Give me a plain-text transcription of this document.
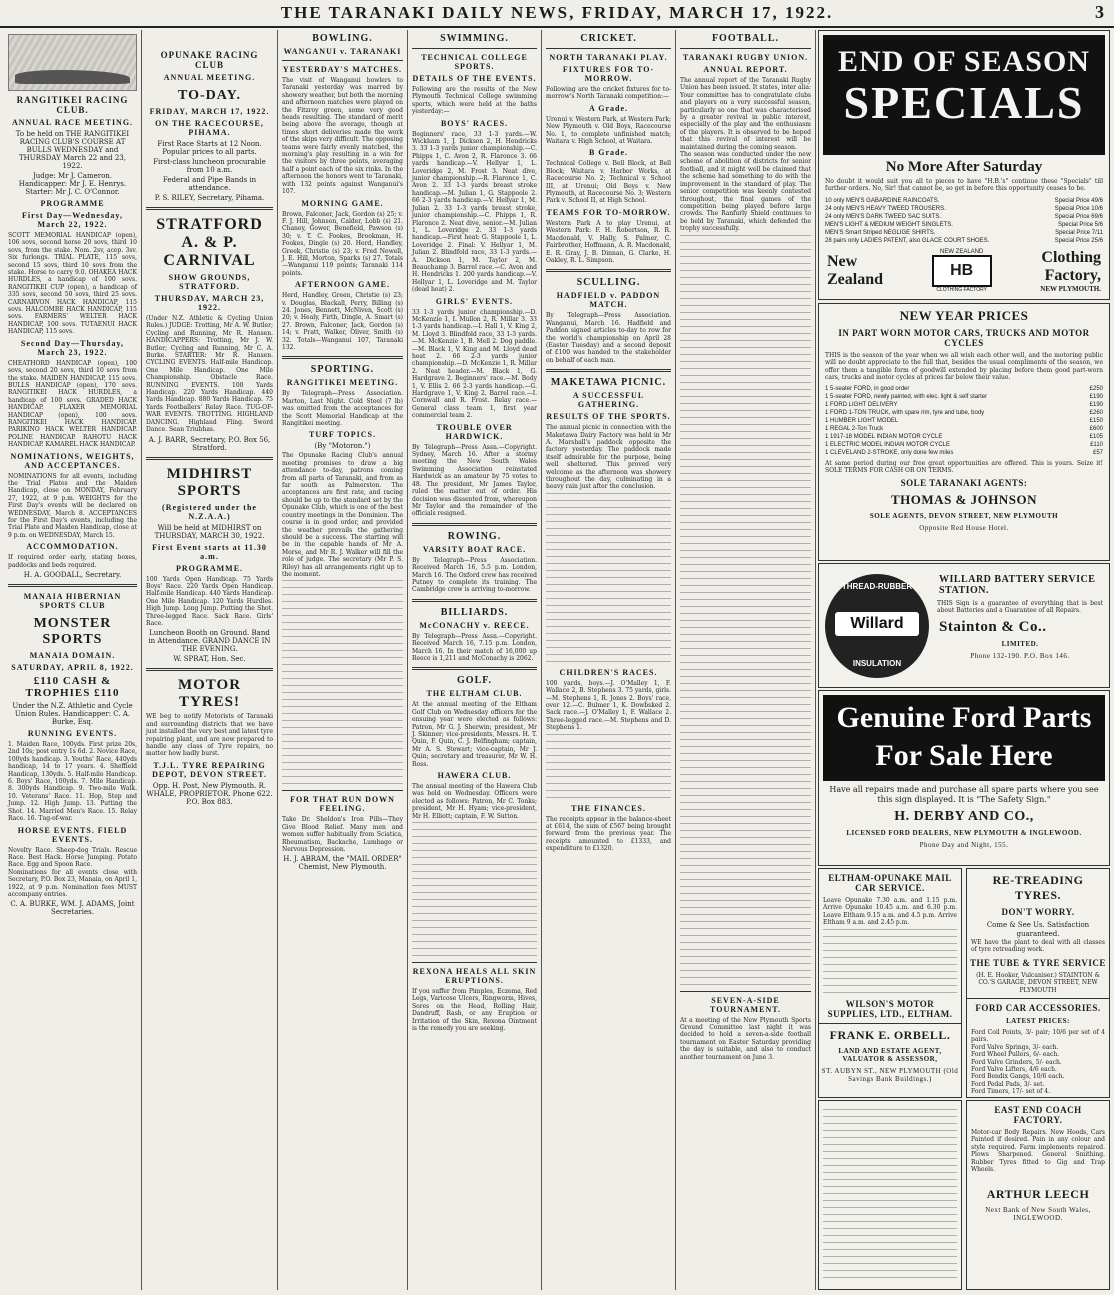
THE TARANAKI DAILY NEWS, FRIDAY, MARCH 17, 1922.	3
RANGITIKEI RACING CLUB.
ANNUAL RACE MEETING.

To be held on THE RANGITIKEI RACING CLUB'S COURSE AT BULLS WEDNESDAY and THURSDAY March 22 and 23, 1922.

Judge: Mr J. Cameron. Handicapper: Mr J. E. Henrys. Starter: Mr J. C. O'Connor.

PROGRAMME
First Day—Wednesday, March 22, 1922.

SCOTT MEMORIAL HANDICAP (open), 106 sovs, second horse 20 sovs, third 10 sovs, from the stake. Nom. 2sv, acep. 3sv. Six furlongs. TRIAL PLATE, 115 sovs, second 15 sovs, third 10 sovs from the stake. Horse to carry 9.0. OHAKEA HACK HURDLES, a handicap of 100 sovs. RANGITIKEI CUP (open), a handicap of 335 sovs, second 50 sovs, third 25 sovs. CARNARVON HACK HANDICAP, 115 sovs. HALCOMBE HACK HANDICAP, 115 sovs. FARMERS' WELTER HACK HANDICAP, 100 sovs. TUTAENUI HACK HANDICAP, 115 sovs.

Second Day—Thursday, March 23, 1922.

CHEATHORD HANDICAP (open), 100 sovs, second 20 sovs, third 10 sovs from the stake. MAIDEN HANDICAP, 115 sovs. BULLS HANDICAP (open), 170 sovs. RANGITIKEI HACK HURDLES, a handicap of 100 sovs. GRADED HACK HANDICAP. FLAXER MEMORIAL HANDICAP (open), 100 sovs. RANGITIKEI HACK HANDICAP. PARIKINO HACK WELTER HANDICAP. POLINE HANDICAP. RAHOTU HACK HANDICAP. KAMAREL HACK HANDICAP.

NOMINATIONS, WEIGHTS, AND ACCEPTANCES.

NOMINATIONS for all events, including the Trial Plates and the Maiden Handicap, close on MONDAY, February 27, 1922, at 9 p.m. WEIGHTS for the First Day's events will be declared on WEDNESDAY, March 8. ACCEPTANCES for the First Day's events, including the Trial Plate and Maiden Handicap, close at 9 p.m. on WEDNESDAY, March 15.

ACCOMMODATION.

If required order early, stating boxes, paddocks and beds required.

H. A. GOODALL, Secretary.

MANAIA HIBERNIAN SPORTS CLUB
MONSTER SPORTS
MANAIA DOMAIN.
SATURDAY, APRIL 8, 1922.
£110 CASH & TROPHIES £110

Under the N.Z. Athletic and Cycle Union Rules. Handicapper: C. A. Burke, Esq.

RUNNING EVENTS.

1. Maiden Race, 100yds. First prize 20s, 2nd 10s; post entry 1s 6d. 2. Novice Race, 100yds handicap. 3. Youths' Race, 440yds handicap, 14 to 17 years. 4. Sheffield Handicap, 130yds. 5. Half-mile Handicap. 6. Boys' Race, 100yds. 7. Mile Handicap. 8. 300yds Handicap. 9. Two-mile Walk. 10. Veterans' Race. 11. Hop, Step and Jump. 12. High Jump. 13. Putting the Shot. 14. Married Men's Race. 15. Relay Race. 16. Tug-of-war.

HORSE EVENTS. FIELD EVENTS.

Novelty Race. Sheep-dog Trials. Rescue Race. Best Hack. Horse Jumping. Potato Race. Egg and Spoon Race.

Nominations for all events close with Secretary, P.O. Box 23, Manaia, on April 1, 1922, at 9 p.m. Nomination fees MUST accompany entries.

C. A. BURKE, WM. J. ADAMS, Joint Secretaries.

OPUNAKE RACING CLUB
ANNUAL MEETING.
TO-DAY.
FRIDAY, MARCH 17, 1922.
ON THE RACECOURSE, PIHAMA.

First Race Starts at 12 Noon. Popular prices to all parts.

First-class luncheon procurable from 10 a.m.

Federal and Pipe Bands in attendance.

P. S. RILEY, Secretary, Pihama.

STRATFORD A. & P. CARNIVAL
SHOW GROUNDS, STRATFORD.
THURSDAY, MARCH 23, 1922.

(Under N.Z. Athletic & Cycling Union Rules.) JUDGE: Trotting, Mr A. W. Butler; Cycling and Running, Mr R. Hansen. HANDICAPPERS: Trotting, Mr J. W. Butler; Cycling and Running, Mr C. A. Burke. STARTER: Mr R. Hansen. CYCLING EVENTS. Half-mile Handicap. One Mile Handicap. One Mile Championship. Obstacle Race. RUNNING EVENTS. 100 Yards Handicap. 220 Yards Handicap. 440 Yards Handicap. 880 Yards Handicap. 75 Yards Footballers' Relay Race. TUG-OF-WAR EVENTS. TROTTING. HIGHLAND DANCING. Highland Fling. Sword Dance. Sean Triubhas.

A. J. BARR, Secretary, P.O. Box 56, Stratford.

MIDHIRST SPORTS
(Registered under the N.Z.A.A.)

Will be held at MIDHIRST on THURSDAY, MARCH 30, 1922.

First Event starts at 11.30 a.m.
PROGRAMME.

100 Yards Open Handicap. 75 Yards Boys' Race. 220 Yards Open Handicap. Half-mile Handicap. 440 Yards Handicap. One Mile Handicap. 120 Yards Hurdles. High Jump. Long Jump. Putting the Shot. Three-legged Race. Sack Race. Girls' Race.

Luncheon Booth on Ground. Band in Attendance. GRAND DANCE IN THE EVENING.

W. SPRAT, Hon. Sec.

MOTOR TYRES!

WE beg to notify Motorists of Taranaki and surrounding districts that we have just installed the very best and latest tyre repairing plant, and are now prepared to handle any class of Tyre repairs, no matter how badly burst.

T.J.L. TYRE REPAIRING DEPOT, DEVON STREET.

Opp. H. Post, New Plymouth. R. WHALE, PROPRIETOR. Phone 622. P.O. Box 883.

BOWLING.
WANGANUI v. TARANAKI
YESTERDAY'S MATCHES.

The visit of Wanganui bowlers to Taranaki yesterday was marred by showery weather, but both the morning and afternoon matches were played on the Fitzroy green, some very good heads resulting. The standard of merit being above the average, though at times short deliveries made the work of the skips very difficult. The opposing teams were fairly evenly matched, the morning's play resulting in a win for the visitors by three points, averaging half a point each of the six rinks. In the afternoon the honors went to Taranaki, with 132 points against Wanganui's 107.

MORNING GAME.

Brown, Falconer, Jack, Gordon (s) 25; v. F. J. Hill, Johnson, Calder, Lobb (s) 21. Chaney, Gower, Benefield, Pawson (s) 30; v. T. C. Fookes, Brookman, H. Fookes, Dingle (s) 20. Herd, Handley, Greek, Christie (s) 23; v. Fred Newell, J. E. Hill, Morton, Sparks (s) 27. Totals—Wanganui 119 points; Taranaki 114 points.

AFTERNOON GAME.

Herd, Handley, Green, Christie (s) 23; v. Douglas, Blackall, Perry, Billing (s) 24. Jones, Bennett, McNiven, Scott (s) 20; v. Healy, Firth, Dingle, A. Smart (s) 27. Brown, Falconer, Jack, Gordon (s) 14; v. Pratt, Walker, Oliver, Smith (s) 32. Totals—Wanganui 107, Taranaki 132.

SPORTING.
RANGITIKEI MEETING.

By Telegraph—Press Association. Marton, Last Night. Cold Steel (7 lb) was omitted from the acceptances for the Scott Memorial Handicap at the Rangitikei meeting.

TURF TOPICS.

(By "Motoron.")

The Opunake Racing Club's annual meeting promises to draw a big attendance to-day, patrons coming from all parts of Taranaki, and from as far south as Palmerston. The acceptances are first rate, and racing should be up to the standard set by the Opunake Club, which is one of the best country meetings in the Dominion. The course is in good order, and provided the weather prevails the gathering should be a success. The starting will be in the capable hands of Mr A. Morse, and Mr R. J. Walker will fill the role of judge. The secretary (Mr P. S. Riley) has all arrangements right up to the moment.

FOR THAT RUN DOWN FEELING.

Take Dr. Sheldon's Iron Pills—They Give Blood Relief. Many men and women suffer habitually from Sciatica, Rheumatism, Backache, Lumbago or Nervous Depression.

H. J. ABRAM, the "MAIL ORDER" Chemist, New Plymouth.

SWIMMING.
TECHNICAL COLLEGE SPORTS.
DETAILS OF THE EVENTS.

Following are the results of the New Plymouth Technical College swimming sports, which were held at the baths yesterday:—

BOYS' RACES.

Beginners' race, 33 1-3 yards.—W. Wickham 1, J. Dickson 2, H. Hendricks 3. 33 1-3 yards junior championship.—C. Phipps 1, C. Avon 2, R. Flaronce 3. 66 yards handicap.—V. Hellyar 1, L. Loveridge 2, M. Frost 3. Neat dive, junior championship.—R. Flaronce 1, C. Avon 2. 33 1-3 yards breast stroke handicap.—M. Julian 1, G. Stappoole 2. 66 2-3 yards handicap.—V. Hellyar 1, M. Julian 2. 33 1-3 yards breast stroke, junior championship.—C. Phipps 1, R. Flaronce 2. Neat dive, senior.—M. Julian 1, L. Loveridge 2. 33 1-3 yards handicap.—First heat: G. Stappoole 1, L. Loveridge 2. Final: V. Hellyar 1, M. Julian 2. Blindfold race, 33 1-3 yards.—A. Dickson 1, M. Taylor 2, M. Beauchamp 3. Barrel race.—C. Avon and H. Hendricks 1. 200 yards handicap.—V. Hellyar 1, L. Loveridge and M. Taylor (dead heat) 2.

GIRLS' EVENTS.

33 1-3 yards junior championship.—D. McKenzie 1, I. Mullon 2, R. Millar 3. 33 1-3 yards handicap.—I. Hall 1, V. King 2, M. Lloyd 3. Blindfold race, 33 1-3 yards.—M. McKenzie 1, B. Mell 2. Dog paddle.—M. Black 1, V. King and M. Lloyd dead heat 2. 66 2-3 yards junior championship.—D. McKenzie 1, R. Millar 2. Neat header.—M. Black 1, G. Hardgrave 2. Beginners' race.—M. Body 1, V. Ellis 2. 66 2-3 yards handicap.—G. Hardgrave 1, V. King 2. Barrel race.—I. Cornwall and R. Frost. Relay race.—General class team 1, first year commercial team 2.

TROUBLE OVER HARDWICK.

By Telegraph—Press Assn.—Copyright. Sydney, March 16. After a stormy meeting the New South Wales Swimming Association reinstated Hardwick as an amateur by 75 votes to 48. The president, Mr James Taylor, ruled the matter out of order. His decision was dissented from, whereupon Mr Taylor and the remainder of the officials resigned.

ROWING.
VARSITY BOAT RACE.

By Telegraph—Press Association. Received March 16, 5.5 p.m. London, March 16. The Oxford crew has received Putney to complete its training. The Cambridge crew is arriving to-morrow.

BILLIARDS.
McCONACHY v. REECE.

By Telegraph—Press Assn.—Copyright. Received March 16, 7.15 p.m. London, March 16. In their match of 16,000 up Reece is 1,211 and McConachy is 2062.

GOLF.
THE ELTHAM CLUB.

At the annual meeting of the Eltham Golf Club on Wednesday officers for the ensuing year were elected as follows: Patron, Mr G. J. Sherwin; president, Mr J. Skinner; vice-presidents, Messrs. H. T. Quin, F. Quin, C. J. Belfingham; captain, Mr A. S. Stewart; vice-captain, Mr J. Quin; secretary and treasurer, Mr W. H. Ross.

HAWERA CLUB.

The annual meeting of the Hawera Club was held on Wednesday. Officers were elected as follows: Patron, Mr C. Tonks; president, Mr H. Hyam; vice-president, Mr H. Elliott; captain, F. W. Sutton.

REXONA HEALS ALL SKIN ERUPTIONS.

If you suffer from Pimples, Eczema, Red Legs, Varicose Ulcers, Ringworm, Hives, Sores on the Head, Rolling Hair, Dandruff, Rash, or any Eruption or Irritation of the Skin, Rexona Ointment is the remedy you are seeking.

CRICKET.
NORTH TARANAKI PLAY.
FIXTURES FOR TO-MORROW.

Following are the cricket fixtures for to-morrow's North Taranaki competition:—

A Grade.

Urenui v. Western Park, at Western Park; New Plymouth v. Old Boys, Racecourse No. 1, to complete unfinished match; Waitara v. High School, at Waitara.

B Grade.

Technical College v. Bell Block, at Bell Block; Waitara v. Harbor Works, at Racecourse No. 2; Technical v. School III, at Urenui; Old Boys v. New Plymouth, at Racecourse No. 3; Western Park v. School II, at High School.

TEAMS FOR TO-MORROW.

Western Park A to play Urenui, at Western Park: F. H. Robertson, R. R. Macdonald, V. Hally, S. Palmer, C. Fairbrother, Hoffmann, A. R. Macdonald, E. R. Gray, J. B. Dinnan, G. Clarke, H. Oakley, R. L. Simpson.

SCULLING.
HADFIELD v. PADDON MATCH.

By Telegraph—Press Association. Wanganui, March 16. Hadfield and Paddon signed articles to-day to row for the world's championship on April 28 (Easter Tuesday) and a second deposit of £100 was handed to the stakeholder on behalf of each man.

MAKETAWA PICNIC.
A SUCCESSFUL GATHERING.
RESULTS OF THE SPORTS.

The annual picnic in connection with the Maketawa Dairy Factory was held in Mr A. Marshall's paddock opposite the factory yesterday. The paddock made itself admirable for the purpose, being well sheltered. This proved very welcome as the afternoon was showery throughout the day, culminating in a heavy rain just after the conclusion.

CHILDREN'S RACES.

100 yards, boys.—J. O'Malley 1, F. Wallace 2, B. Stephens 3. 75 yards, girls.—M. Stephens 1, R. Jones 2. Boys' race, over 12.—C. Bulmer 1, K. Dowbsked 2. Sack race.—J. O'Malley 1, F. Wallace 2. Three-legged race.—M. Stephens and D. Stephens 1.

THE FINANCES.

The receipts appear in the balance-sheet at £614, the sum of £567 being brought forward from the previous year. The receipts amounted to £1333, and expenditure to £1320.

FOOTBALL.
TARANAKI RUGBY UNION.
ANNUAL REPORT.

The annual report of the Taranaki Rugby Union has been issued. It states, inter alia: Your committee has to congratulate clubs and players on a very successful season, particularly so one that was characterised by a greater revival in public interest, especially of the play and the enthusiasm of the players. It is observed to be hoped that this revival of interest will be maintained during the coming season.

The season was conducted under the new scheme of abolition of districts for senior football, and it might well be claimed that the scheme had something to do with the improvement in the standard of play. The senior competition was keenly contested throughout, the final games of the competition being played before large crowds. The Ranfurly Shield continues to be held by Taranaki, which defended the trophy successfully.

SEVEN-A-SIDE TOURNAMENT.

At a meeting of the New Plymouth Sports Ground Committee last night it was decided to hold a seven-a-side football tournament on Easter Saturday providing the day is suitable, and also to conduct another tournament on June 3.

END OF SEASON
SPECIALS
No More After Saturday

No doubt it would suit you all to pieces to have "H.B.'s" continue these "Specials" till further orders. No, Sir! that cannot be, so get in before this opportunity ceases to be.

10 only MEN'S GABARDINE RAINCOATS.	Special Price 49/6
24 only MEN'S HEAVY TWEED TROUSERS.	Special Price 10/6
24 only MEN'S DARK TWEED SAC SUITS.	Special Price 69/6
MEN'S LIGHT & MEDIUM WEIGHT SINGLETS.	Special Price 5/6
MEN'S Smart Striped NEGLIGE SHIRTS.	Special Price 7/11
28 pairs only LADIES PATENT, also GLACE COURT SHOES.	Special Price 25/6
New
Zealand
NEW ZEALAND
HB
CLOTHING FACTORY
Clothing
Factory,
NEW PLYMOUTH.
NEW YEAR PRICES
IN PART WORN MOTOR CARS, TRUCKS AND MOTOR CYCLES

THIS is the season of the year when we all wish each other well, and the motoring public will no doubt appreciate to the full that, besides the usual compliments of the season, we offer them a tangible form of goodwill extended by placing before them good part-worn cars, trucks and motor cycles at prices far below their value.

1 5-seater FORD, in good order	£250
1 5-seater FORD, newly painted, with elec. light & self starter	£190
1 FORD LIGHT DELIVERY	£190
1 FORD 1-TON TRUCK, with spare rim, tyre and tube, body	£260
1 HUMBER LIGHT MODEL	£150
1 REGAL 2-Ton Truck	£600
1 1917-18 MODEL INDIAN MOTOR CYCLE	£105
1 ELECTRIC MODEL INDIAN MOTOR CYCLE	£110
1 CLEVELAND 2-STROKE, only done few miles	£57

At same period during our free great opportunities are offered. This is yours. Seize it! SOLE TERMS FOR CASH OR ON TERMS.

SOLE TARANAKI AGENTS:
THOMAS & JOHNSON
SOLE AGENTS, DEVON STREET, NEW PLYMOUTH
Opposite Red House Hotel.
THREAD-RUBBER
Willard
INSULATION
WILLARD BATTERY SERVICE STATION.

THIS Sign is a guarantee of everything that is best about Batteries and a Guarantee of all Repairs.

Stainton & Co..
LIMITED.
Phone 132-190. P.O. Box 146.
Genuine Ford Parts
For Sale Here

Have all repairs made and purchase all spare parts where you see this sign displayed. It is "The Safety Sign."

H. DERBY AND CO.,
LICENSED FORD DEALERS, NEW PLYMOUTH & INGLEWOOD.
Phone Day and Night, 155.
ELTHAM-OPUNAKE MAIL CAR SERVICE.

Leave Opunake 7.30 a.m. and 1.15 p.m. Arrive Opunake 10.45 a.m. and 6.30 p.m. Leave Eltham 9.15 a.m. and 4.5 p.m. Arrive Eltham 9 a.m. and 2.45 p.m.

WILSON'S MOTOR SUPPLIES, LTD., ELTHAM.
FRANK E. ORBELL.
LAND AND ESTATE AGENT, VALUATOR & ASSESSOR,
ST. AUBYN ST., NEW PLYMOUTH (Old Savings Bank Buildings.)
RE-TREADING TYRES.
DON'T WORRY.

Come & See Us. Satisfaction guaranteed.

WE have the plant to deal with all classes of tyre retreading work.

THE TUBE & TYRE SERVICE

(H. E. Hooker, Vulcaniser.) STAINTON & CO.'S GARAGE, DEVON STREET, NEW PLYMOUTH

FORD CAR ACCESSORIES.
LATEST PRICES:
Ford Coil Points, 3/- pair; 10/6 per set of 4 pairs.
Ford Valve Springs, 3/- each.
Ford Wheel Pullers, 6/- each.
Ford Valve Grinders, 5/- each.
Ford Valve Lifters, 4/6 each.
Ford Bendix Gangs, 10/6 each.
Ford Pedal Pads, 3/- set.
Ford Timers, 17/- set of 4.
EAST END COACH FACTORY.

Motor-car Body Repairs. New Hoods, Cars Painted if desired. Pain in any colour and style required. Farm implements repaired. Plows Sharpened. General Smithing. Rubber Tyres fitted to Gig and Trap Wheels.

ARTHUR LEECH
Next Bank of New South Wales, INGLEWOOD.
